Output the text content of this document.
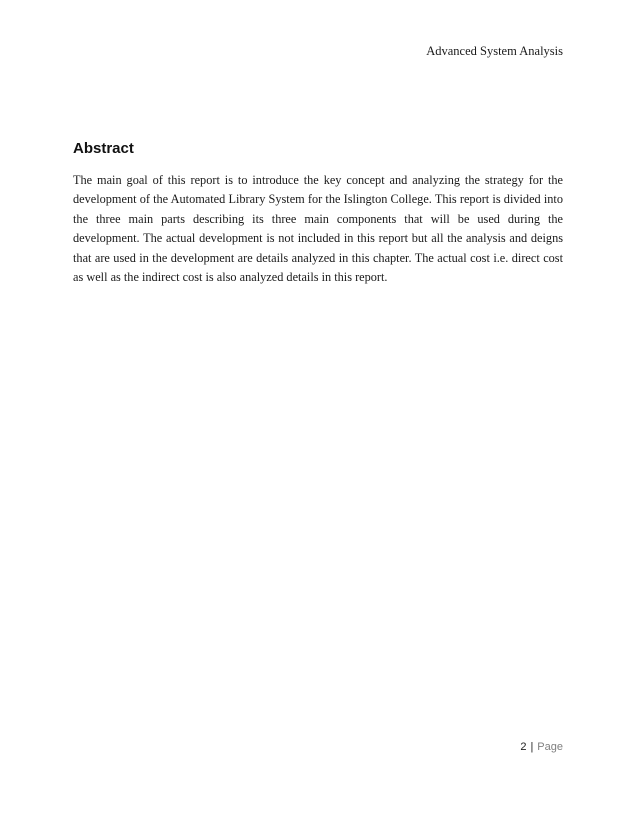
Advanced System Analysis
Abstract

The main goal of this report is to introduce the key concept and analyzing the strategy for the development of the Automated Library System for the Islington College. This report is divided into the three main parts describing its three main components that will be used during the development. The actual development is not included in this report but all the analysis and deigns that are used in the development are details analyzed in this chapter. The actual cost i.e. direct cost as well as the indirect cost is also analyzed details in this report.

2 | Page
